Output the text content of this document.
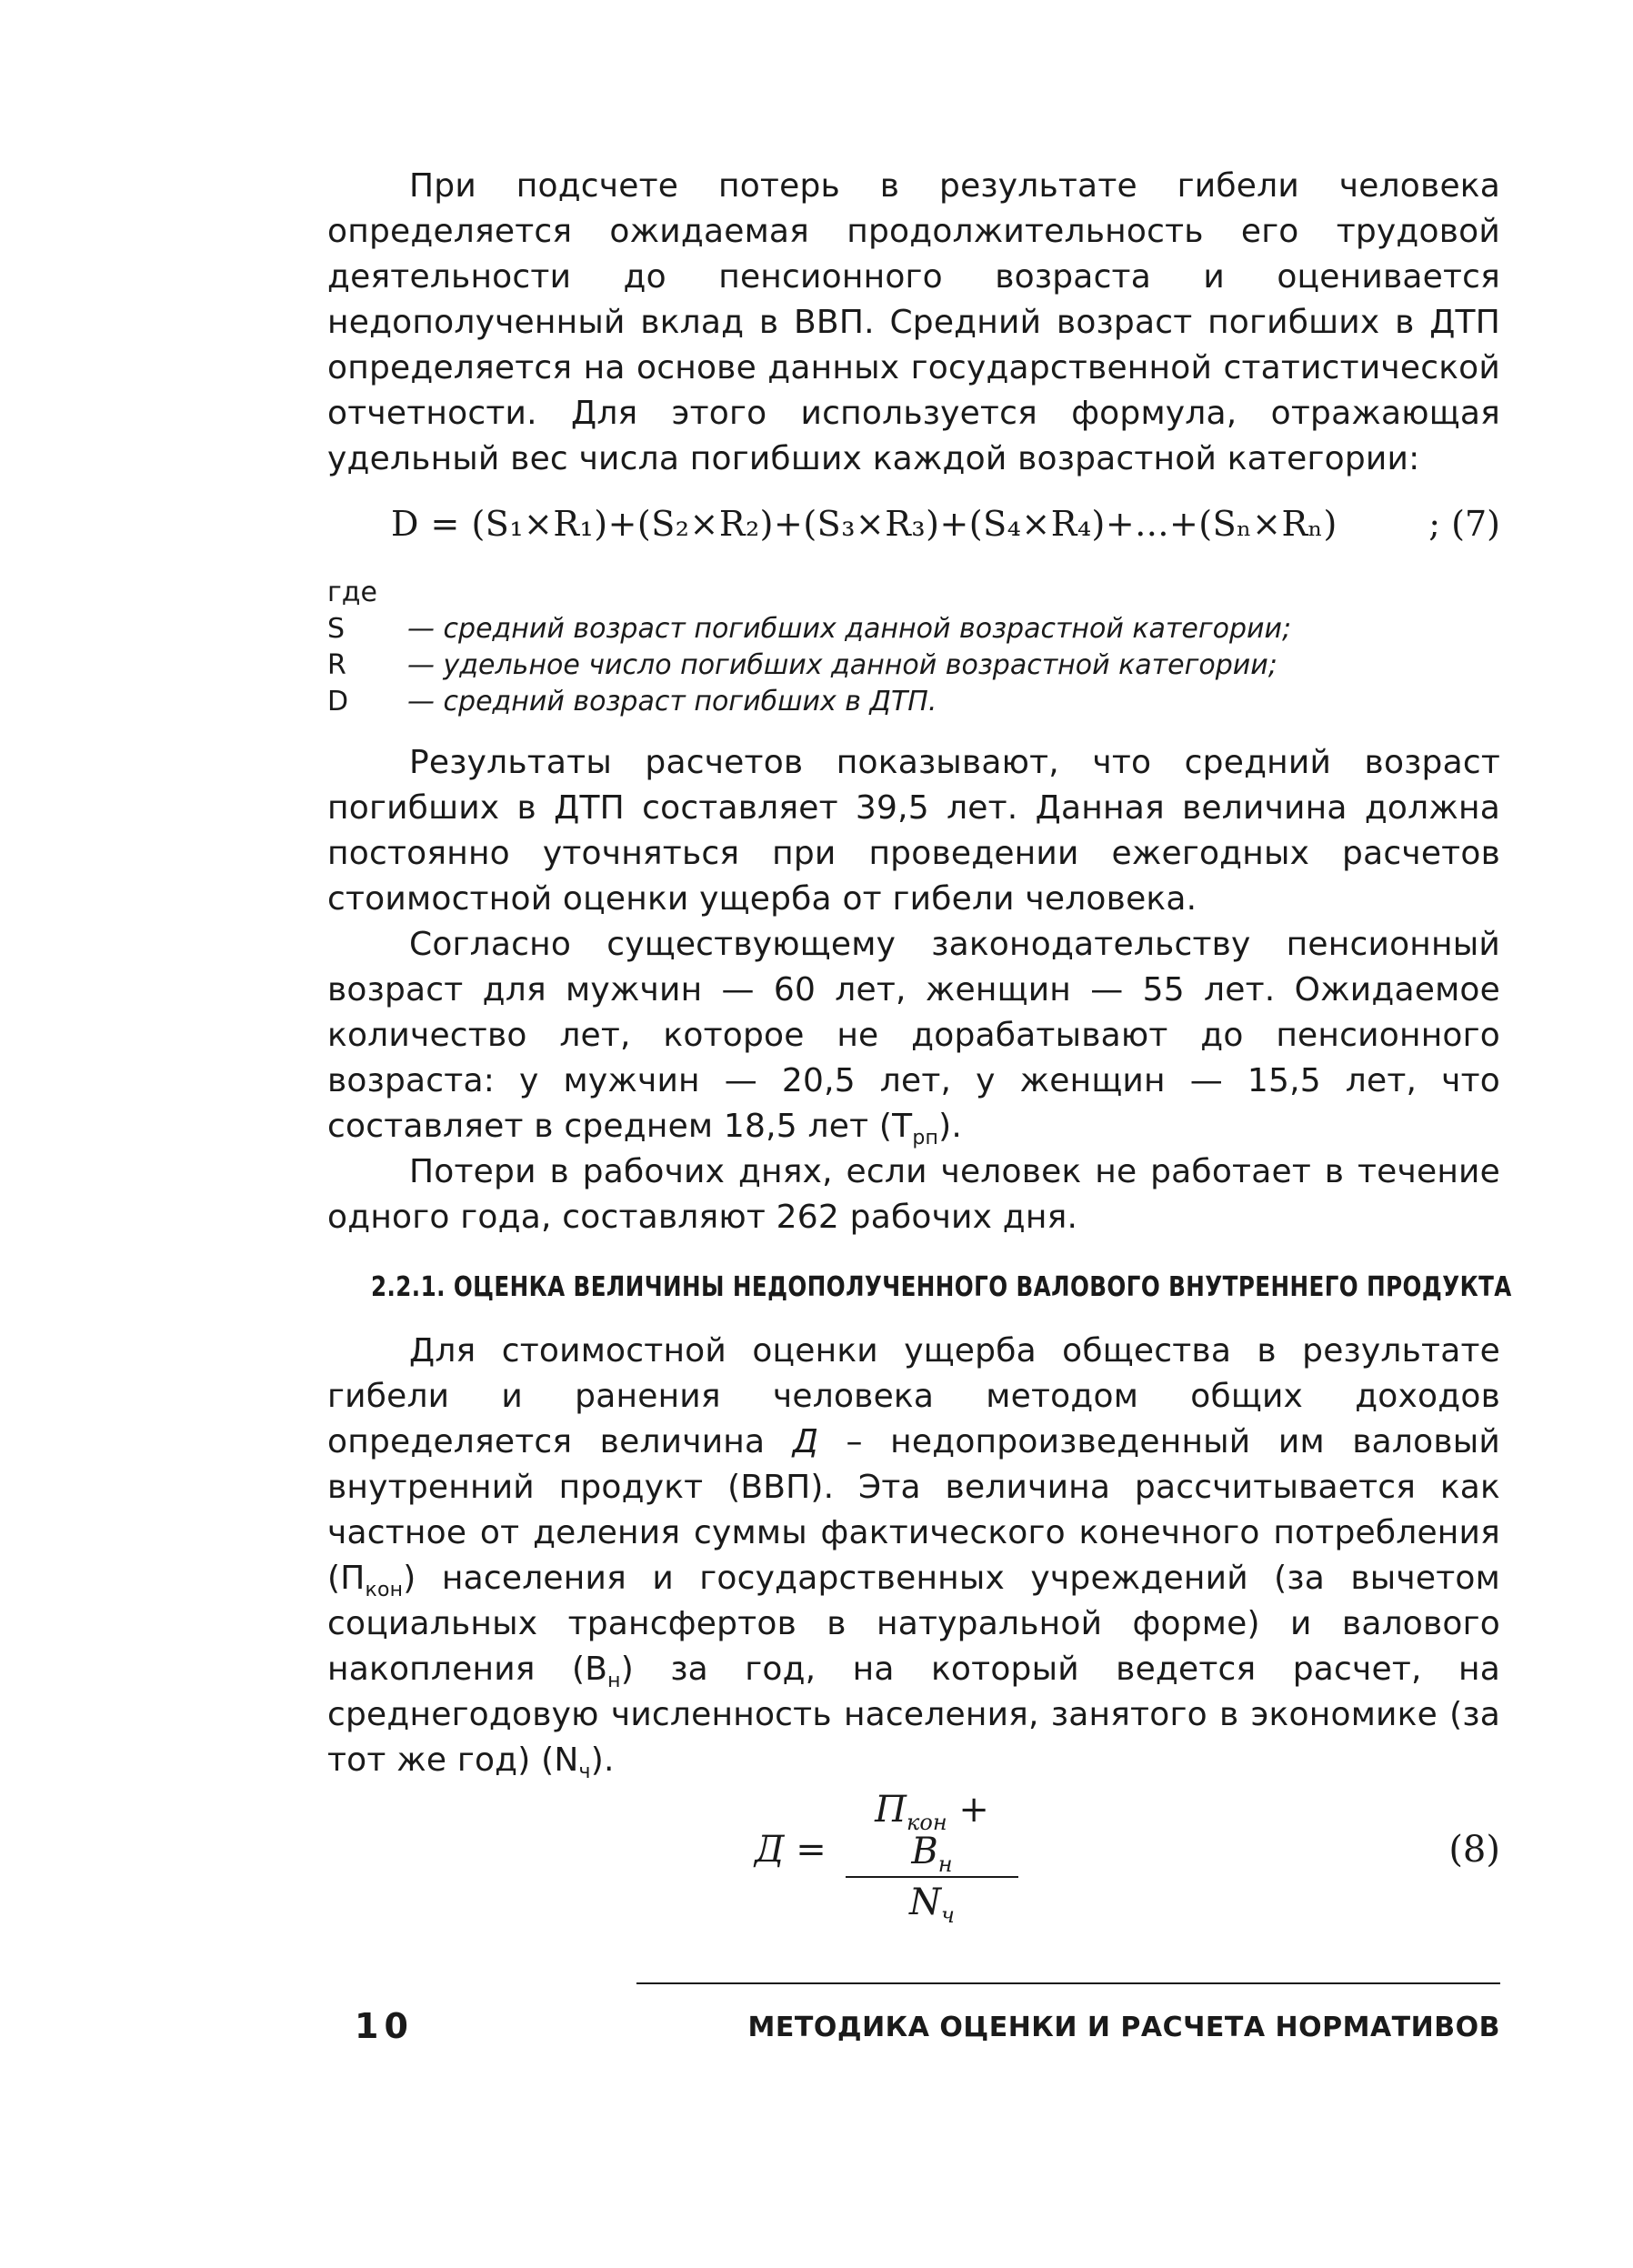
При подсчете потерь в результате гибели человека определяется ожидаемая продолжительность его трудовой деятельности до пенсионного возраста и оценивается недополученный вклад в ВВП. Средний возраст погибших в ДТП определяется на основе данных государственной статистической отчетности. Для этого используется формула, отражающая удельный вес числа погибших каждой возрастной категории:

D = (S₁×R₁)+(S₂×R₂)+(S₃×R₃)+(S₄×R₄)+...+(Sₙ×Rₙ)	; (7)
где
S	— средний возраст погибших данной возрастной категории;
R	— удельное число погибших данной возрастной категории;
D	— средний возраст погибших в ДТП.

Результаты расчетов показывают, что средний возраст погибших в ДТП составляет 39,5 лет. Данная величина должна постоянно уточняться при проведении ежегодных расчетов стоимостной оценки ущерба от гибели человека.

Согласно существующему законодательству пенсионный возраст для мужчин — 60 лет, женщин — 55 лет. Ожидаемое количество лет, которое не дорабатывают до пенсионного возраста: у мужчин — 20,5 лет, у женщин — 15,5 лет, что составляет в среднем 18,5 лет $(Т_{рп})$.

Потери в рабочих днях, если человек не работает в течение одного года, составляют 262 рабочих дня.

2.2.1. ОЦЕНКА ВЕЛИЧИНЫ НЕДОПОЛУЧЕННОГО ВАЛОВОГО ВНУТРЕННЕГО ПРОДУКТА

Для стоимостной оценки ущерба общества в результате гибели и ранения человека методом общих доходов определяется величина Д – недопроизведенный им валовый внутренний продукт (ВВП). Эта величина рассчитывается как частное от деления суммы фактического конечного потребления $(П_{кон})$ населения и государственных учреждений (за вычетом социальных трансфертов в натуральной форме) и валового накопления $(В_н)$ за год, на который ведется расчет, на среднегодовую численность населения, занятого в экономике (за тот же год) $(N_ч)$.

Д =
$П_{кон} + В_н$
$N_ч$
(8)
10	МЕТОДИКА ОЦЕНКИ И РАСЧЕТА НОРМАТИВОВ
